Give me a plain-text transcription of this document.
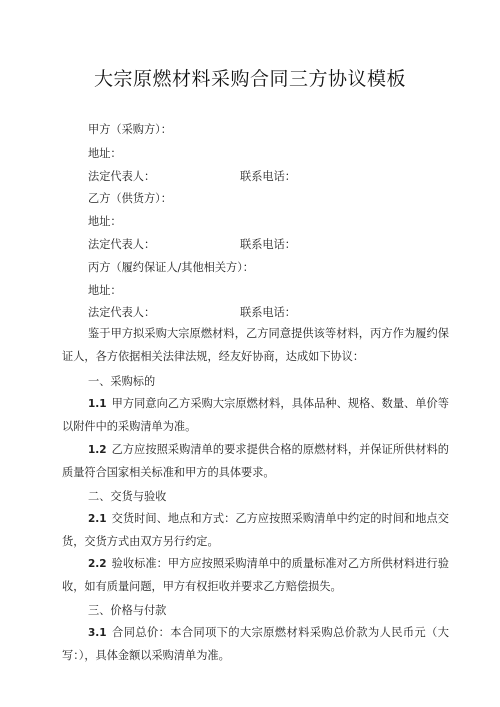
大宗原燃材料采购合同三方协议模板
甲方（采购方）：
地址：
法定代表人：	联系电话：
乙方（供货方）：
地址：
法定代表人：	联系电话：
丙方（履约保证人/其他相关方）：
地址：
法定代表人：	联系电话：
鉴于甲方拟采购大宗原燃材料，乙方同意提供该等材料，丙方作为履约保证人，各方依据相关法律法规，经友好协商，达成如下协议：
一、采购标的
1.1 甲方同意向乙方采购大宗原燃材料，具体品种、规格、数量、单价等以附件中的采购清单为准。
1.2 乙方应按照采购清单的要求提供合格的原燃材料，并保证所供材料的质量符合国家相关标准和甲方的具体要求。
二、交货与验收
2.1 交货时间、地点和方式：乙方应按照采购清单中约定的时间和地点交货，交货方式由双方另行约定。
2.2 验收标准：甲方应按照采购清单中的质量标准对乙方所供材料进行验收，如有质量问题，甲方有权拒收并要求乙方赔偿损失。
三、价格与付款
3.1 合同总价：本合同项下的大宗原燃材料采购总价款为人民币元（大写：），具体金额以采购清单为准。
